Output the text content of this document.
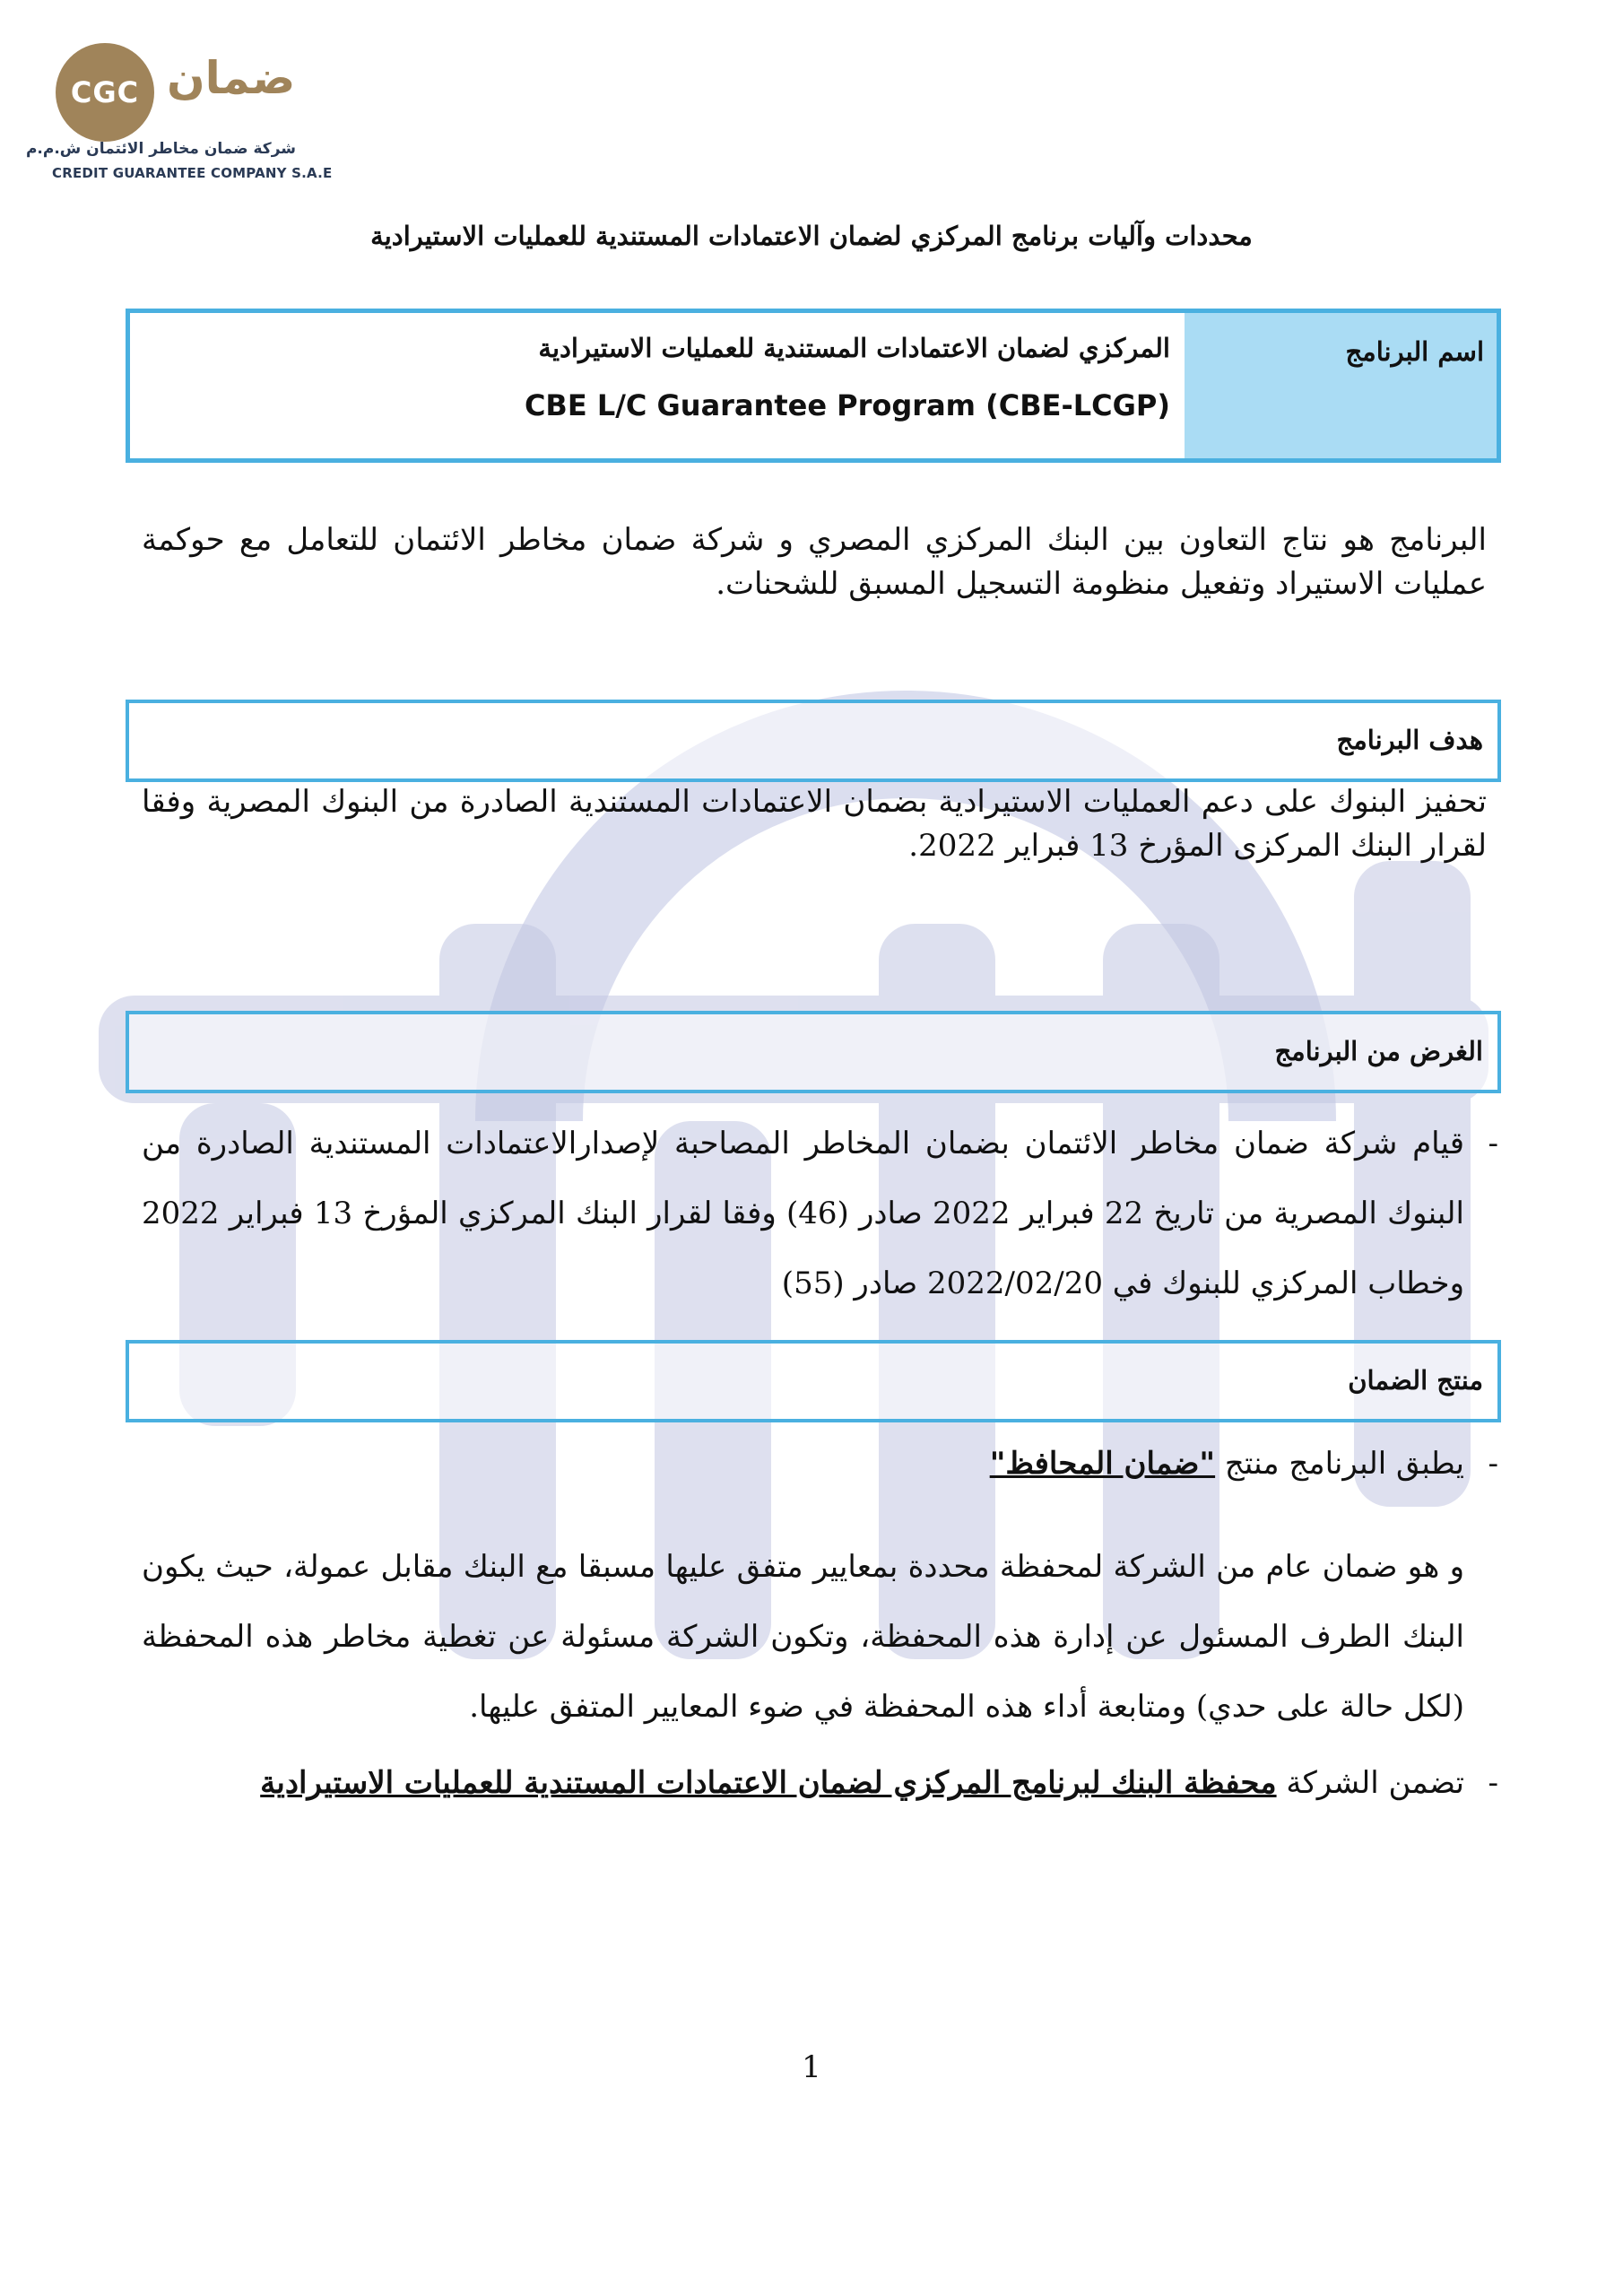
CGC ضمان
شركة ضمان مخاطر الائتمان ش.م.م
CREDIT GUARANTEE COMPANY S.A.E
محددات وآليات برنامج المركزي لضمان الاعتمادات المستندية للعمليات الاستيرادية
اسم البرنامج
المركزي لضمان الاعتمادات المستندية للعمليات الاستيرادية
CBE L/C Guarantee Program (CBE-LCGP)
البرنامج هو نتاج التعاون بين البنك المركزي المصري و شركة ضمان مخاطر الائتمان للتعامل مع حوكمة عمليات الاستيراد وتفعيل منظومة التسجيل المسبق للشحنات.
هدف البرنامج
تحفيز البنوك على دعم العمليات الاستيرادية بضمان الاعتمادات المستندية الصادرة من البنوك المصرية وفقا لقرار البنك المركزى المؤرخ 13 فبراير 2022.
الغرض من البرنامج
-
قيام شركة ضمان مخاطر الائتمان بضمان المخاطر المصاحبة لإصدارالاعتمادات المستندية الصادرة من البنوك المصرية من تاريخ 22 فبراير 2022 صادر (46) وفقا لقرار البنك المركزي المؤرخ 13 فبراير 2022 وخطاب المركزي للبنوك في 2022/02/20 صادر (55)
منتج الضمان
-
يطبق البرنامج منتج "ضمان المحافظ"
و هو ضمان عام من الشركة لمحفظة محددة بمعايير متفق عليها مسبقا مع البنك مقابل عمولة، حيث يكون البنك الطرف المسئول عن إدارة هذه المحفظة، وتكون الشركة مسئولة عن تغطية مخاطر هذه المحفظة (لكل حالة على حدي) ومتابعة أداء هذه المحفظة في ضوء المعايير المتفق عليها.
-
تضمن الشركة محفظة البنك لبرنامج المركزي لضمان الاعتمادات المستندية للعمليات الاستيرادية
1
